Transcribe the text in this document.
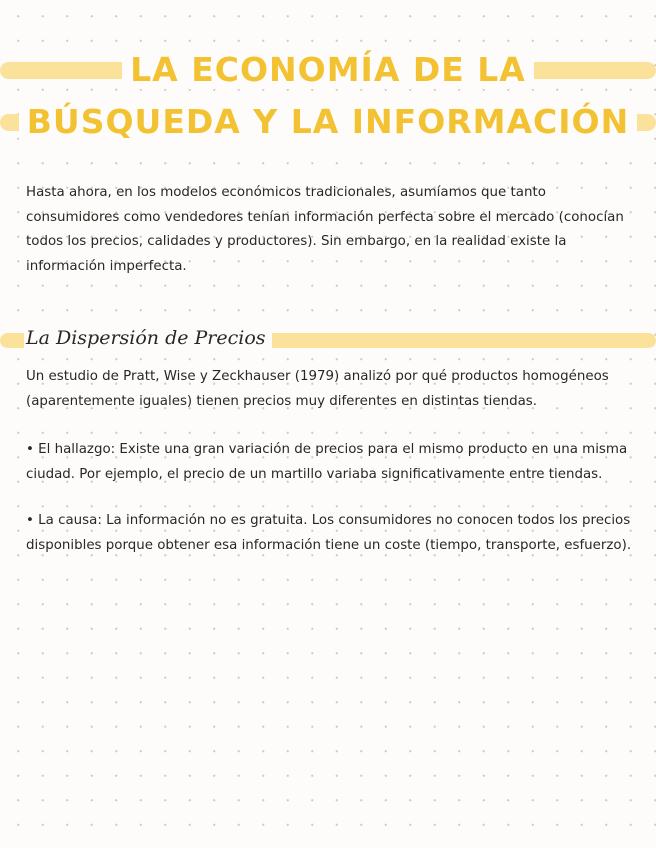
LA ECONOMÍA DE LA
BÚSQUEDA Y LA INFORMACIÓN

Hasta ahora, en los modelos económicos tradicionales, asumíamos que tanto consumidores como vendedores tenían información perfecta sobre el mercado (conocían todos los precios, calidades y productores). Sin embargo, en la realidad existe la información imperfecta.

La Dispersión de Precios

Un estudio de Pratt, Wise y Zeckhauser (1979) analizó por qué productos homogéneos (aparentemente iguales) tienen precios muy diferentes en distintas tiendas.

• El hallazgo: Existe una gran variación de precios para el mismo producto en una misma ciudad. Por ejemplo, el precio de un martillo variaba significativamente entre tiendas.

• La causa: La información no es gratuita. Los consumidores no conocen todos los precios disponibles porque obtener esa información tiene un coste (tiempo, transporte, esfuerzo).
